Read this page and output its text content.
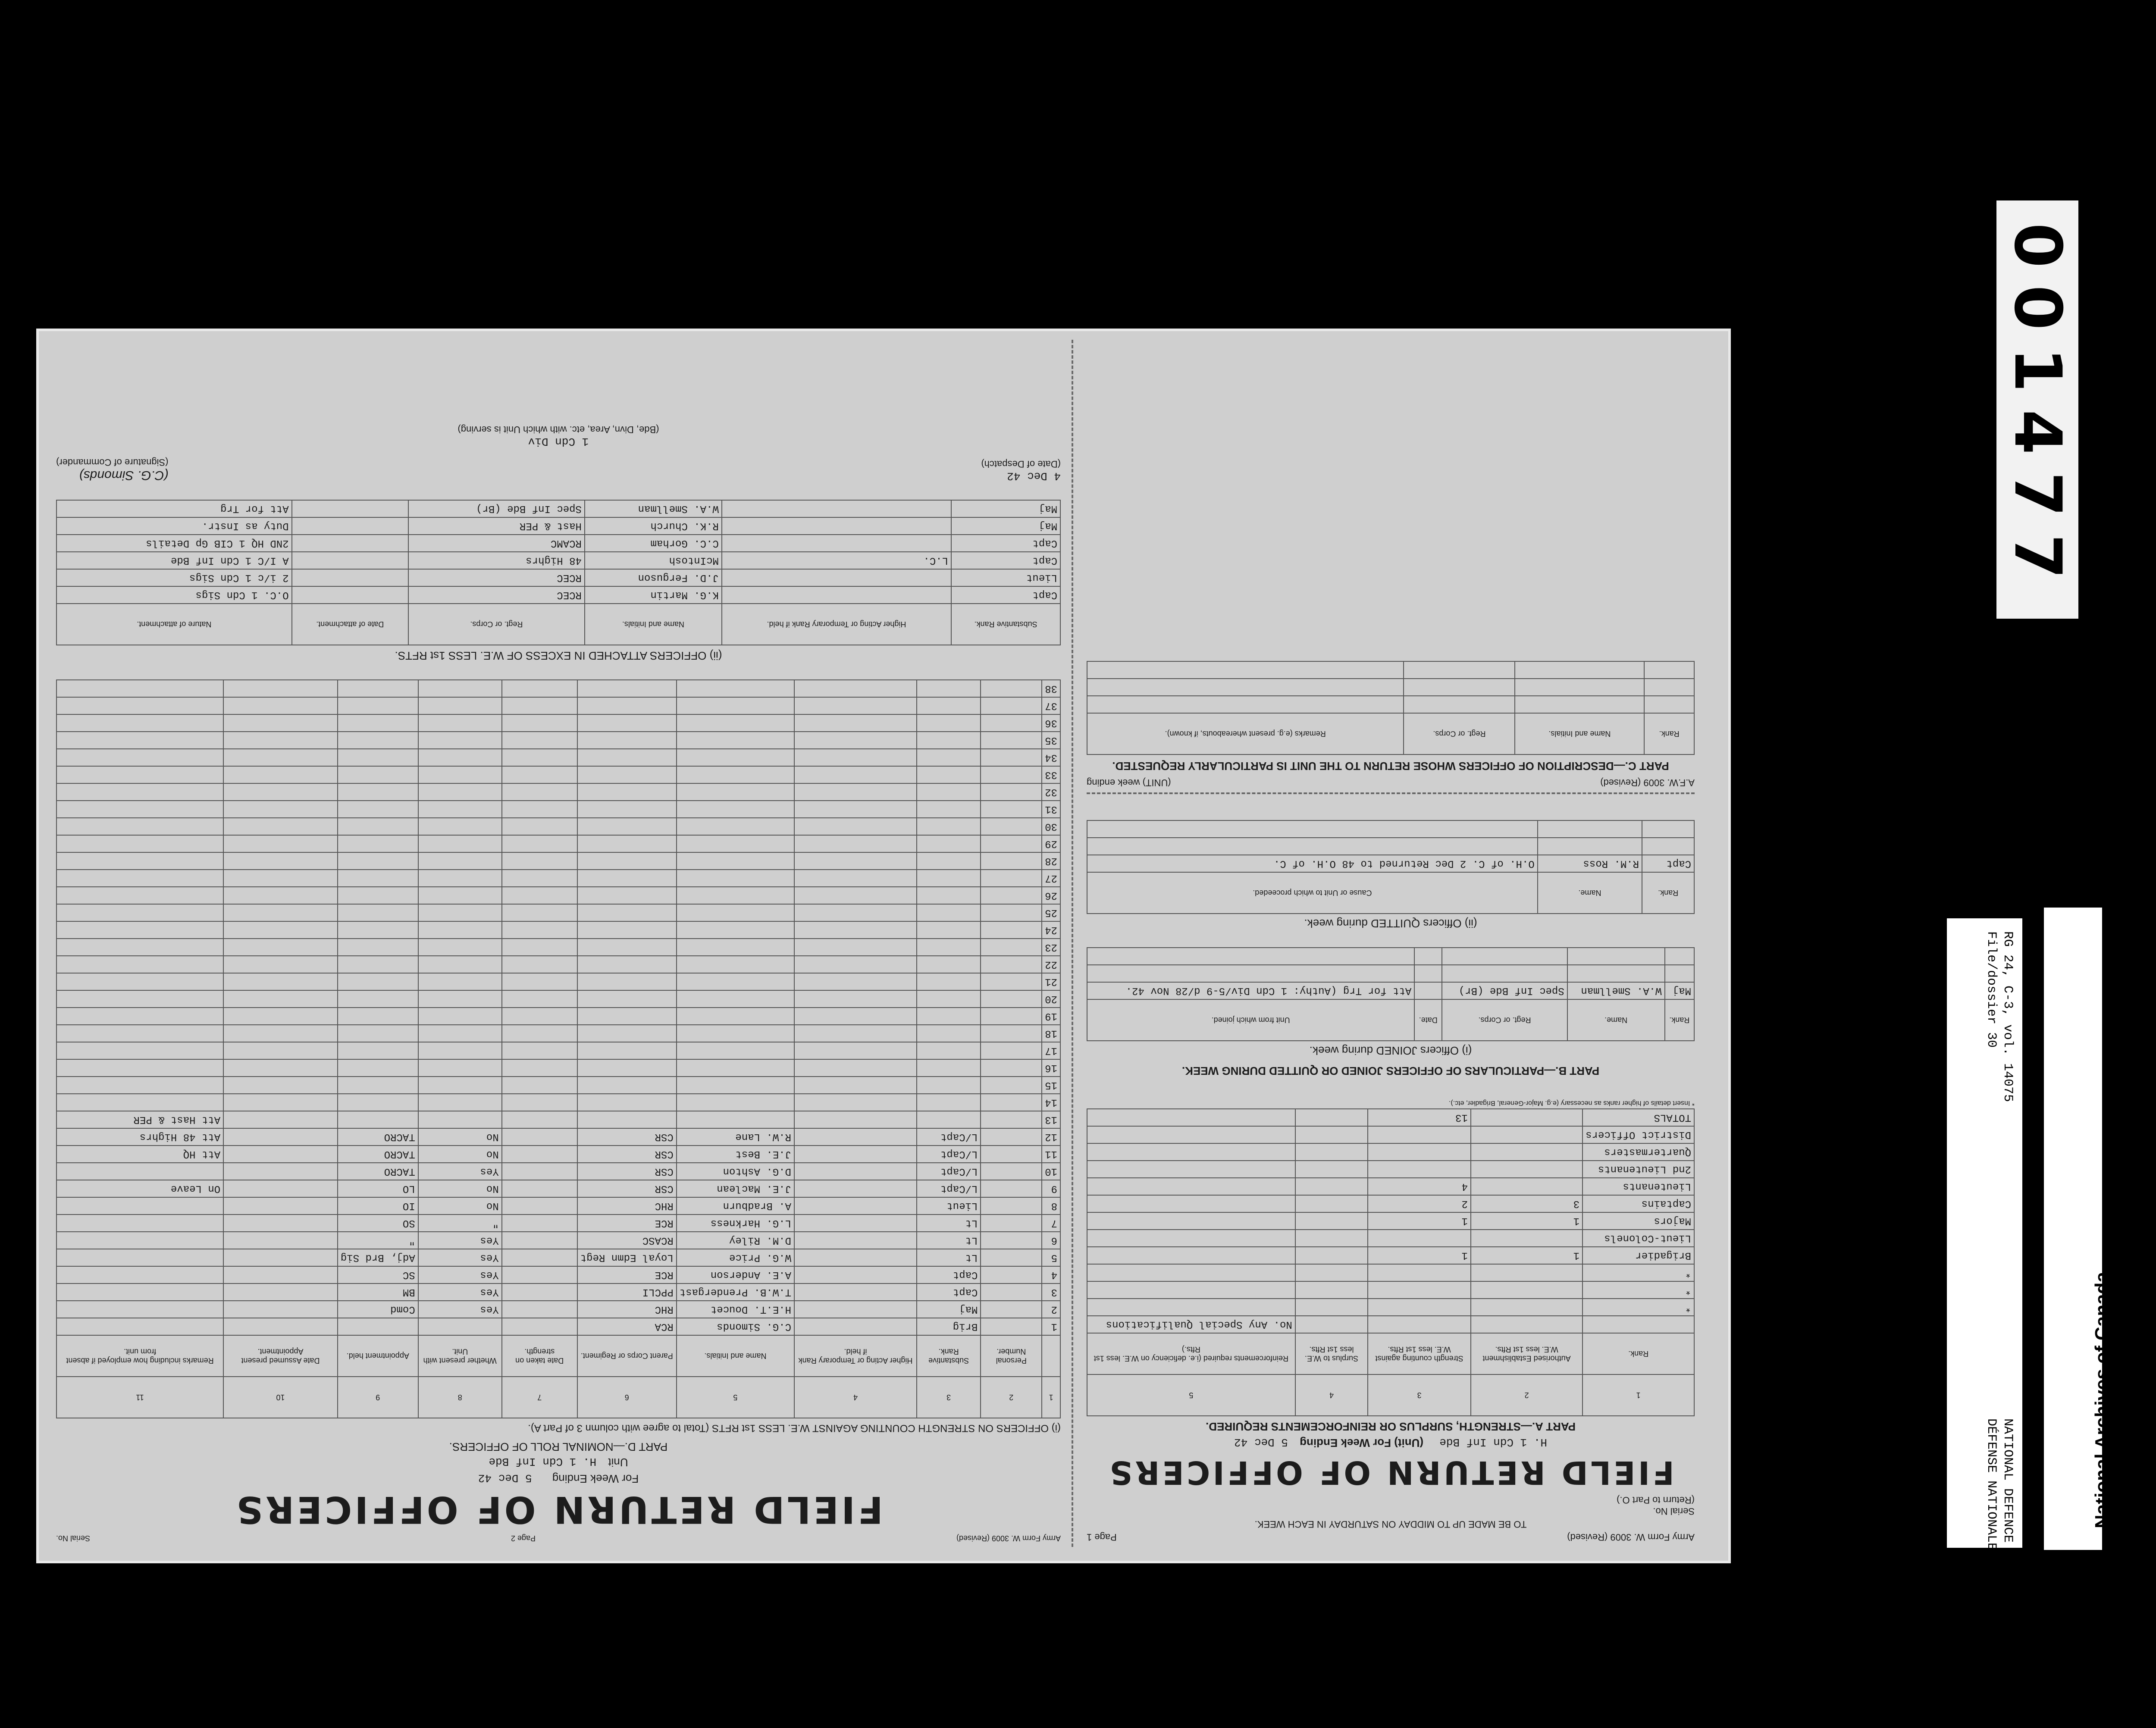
Army Form W. 3009 (Revised)
Page 2
Serial No.
FIELD RETURN OF OFFICERS
For Week Ending 5 Dec 42
Unit H. 1 Cdn Inf Bde
PART D.—NOMINAL ROLL OF OFFICERS.
(i) OFFICERS ON STRENGTH COUNTING AGAINST W.E. LESS 1st RFTS (Total to agree with column 3 of Part A).
1	2	3	4	5	6	7	8	9	10	11
	Personal Number.	Substantive Rank.	Higher Acting or Temporary Rank if held.	Name and Initials.	Parent Corps or Regiment.	Date taken on strength.	Whether present with Unit.	Appointment held.	Date Assumed present Appointment.	Remarks including how employed if absent from unit.
1		Brig		C.G. Simonds	RCA					
2		Maj		H.E.T. Doucet	RHC		Yes	Comd		
3		Capt		T.W.B. Prendergast	PPCLI		Yes	BM		
4		Capt		A.E. Anderson	RCE		Yes	SC		
5		Lt		W.G. Price	Loyal Edmn Regt		Yes	Adj, Brd Sig		
6		Lt		D.M. Riley	RCASC		Yes	"		
7		Lt		L.G. Harkness	RCE		"	SO		
8		Lieut		A. Bradburn	RHC		No	IO		
9		L/Capt		J.E. Maclean	CSR		No	LO		On Leave
10		L/Capt		D.G. Ashton	CSR		Yes	TACRO		
11		L/Capt		J.E. Best	CSR		No	TACRO		Att HQ
12		L/Capt		R.W. Lane	CSR		No	TACRO		Att 48 Highrs
13										Att Hast & PER
14										
15										
16										
17										
18										
19										
20										
21										
22										
23										
24										
25										
26										
27										
28										
29										
30										
31										
32										
33										
34										
35										
36										
37										
38										
(ii) OFFICERS ATTACHED IN EXCESS OF W.E. LESS 1st RFTS.
Substantive Rank.	Higher Acting or Temporary Rank if held.	Name and Initials.	Regt. or Corps.	Date of attachment.	Nature of attachment.
Capt		K.G. Martin	RCEC		O.C. 1 Cdn Sigs
Lieut		J.D. Ferguson	RCEC		2 i/c 1 Cdn Sigs
Capt	L.C.	McIntosh	48 Highrs		A I/C 1 Cdn Inf Bde
Capt		C.C. Gorham	RCAMC		2ND HQ 1 CIB Gp Details
Maj		R.K. Church	Hast & PER		Duty as Instr.
Maj		W.A. Smellman	Spec Inf Bde (Br)		Att for Trg
4 Dec 42
(Date of Despatch)
(C.G. Simonds)
(Signature of Commander)
1 Cdn Div
(Bde, Divn, Area, etc. with which Unit is serving)
Army Form W. 3009 (Revised)
Page 1
TO BE MADE UP TO MIDDAY ON SATURDAY IN EACH WEEK.
Serial No.
(Return to Part O.)
FIELD RETURN OF OFFICERS
H. 1 Cdn Inf Bde (Unit) For Week Ending 5 Dec 42
PART A.—STRENGTH, SURPLUS OR REINFORCEMENTS REQUIRED.
1	2	3	4	5
Rank.	Authorised Establishment W.E. less 1st Rfts.	Strength counting against W.E. less 1st Rfts.	Surplus to W.E. less 1st Rfts.	Reinforcements required (i.e. deficiency on W.E. less 1st Rfts.)
				No. Any Special Qualifications
*				
*				
*				
Brigadier	1	1		
Lieut-Colonels				
Majors	1	1		
Captains	3	2		
Lieutenants		4		
2nd Lieutenants				
Quartermasters				
District Officers				
TOTALS		13		
* Insert details of higher ranks as necessary (e.g. Major-General, Brigadier, etc.).
PART B.—PARTICULARS OF OFFICERS JOINED OR QUITTED DURING WEEK.
(i) Officers JOINED during week.
Rank.	Name.	Regt. or Corps.	Date.	Unit from which joined.
Maj	W.A. Smellman	Spec Inf Bde (Br)		Att for Trg (Authy: 1 Cdn Div/5-9 d/28 Nov 42.

(ii) Officers QUITTED during week.
Rank.	Name.	Cause or Unit to which proceeded.
Capt	R.M. Ross	O.H. of C. 2 Dec Returned to 48 O.H. of C.

A.F.W. 3009 (Revised)
(UNIT) week ending
PART C.—DESCRIPTION OF OFFICERS WHOSE RETURN TO THE UNIT IS PARTICULARLY REQUESTED.
Rank.	Name and Initials.	Regt. or Corps.	Remarks (e.g. present whereabouts, if known).

001477
National Archives of Canada Archives nationales du Canada
RG 24, C-3, vol. 14075
File/dossier 30
NATIONAL DEFENCE
DÉFENSE NATIONALE
